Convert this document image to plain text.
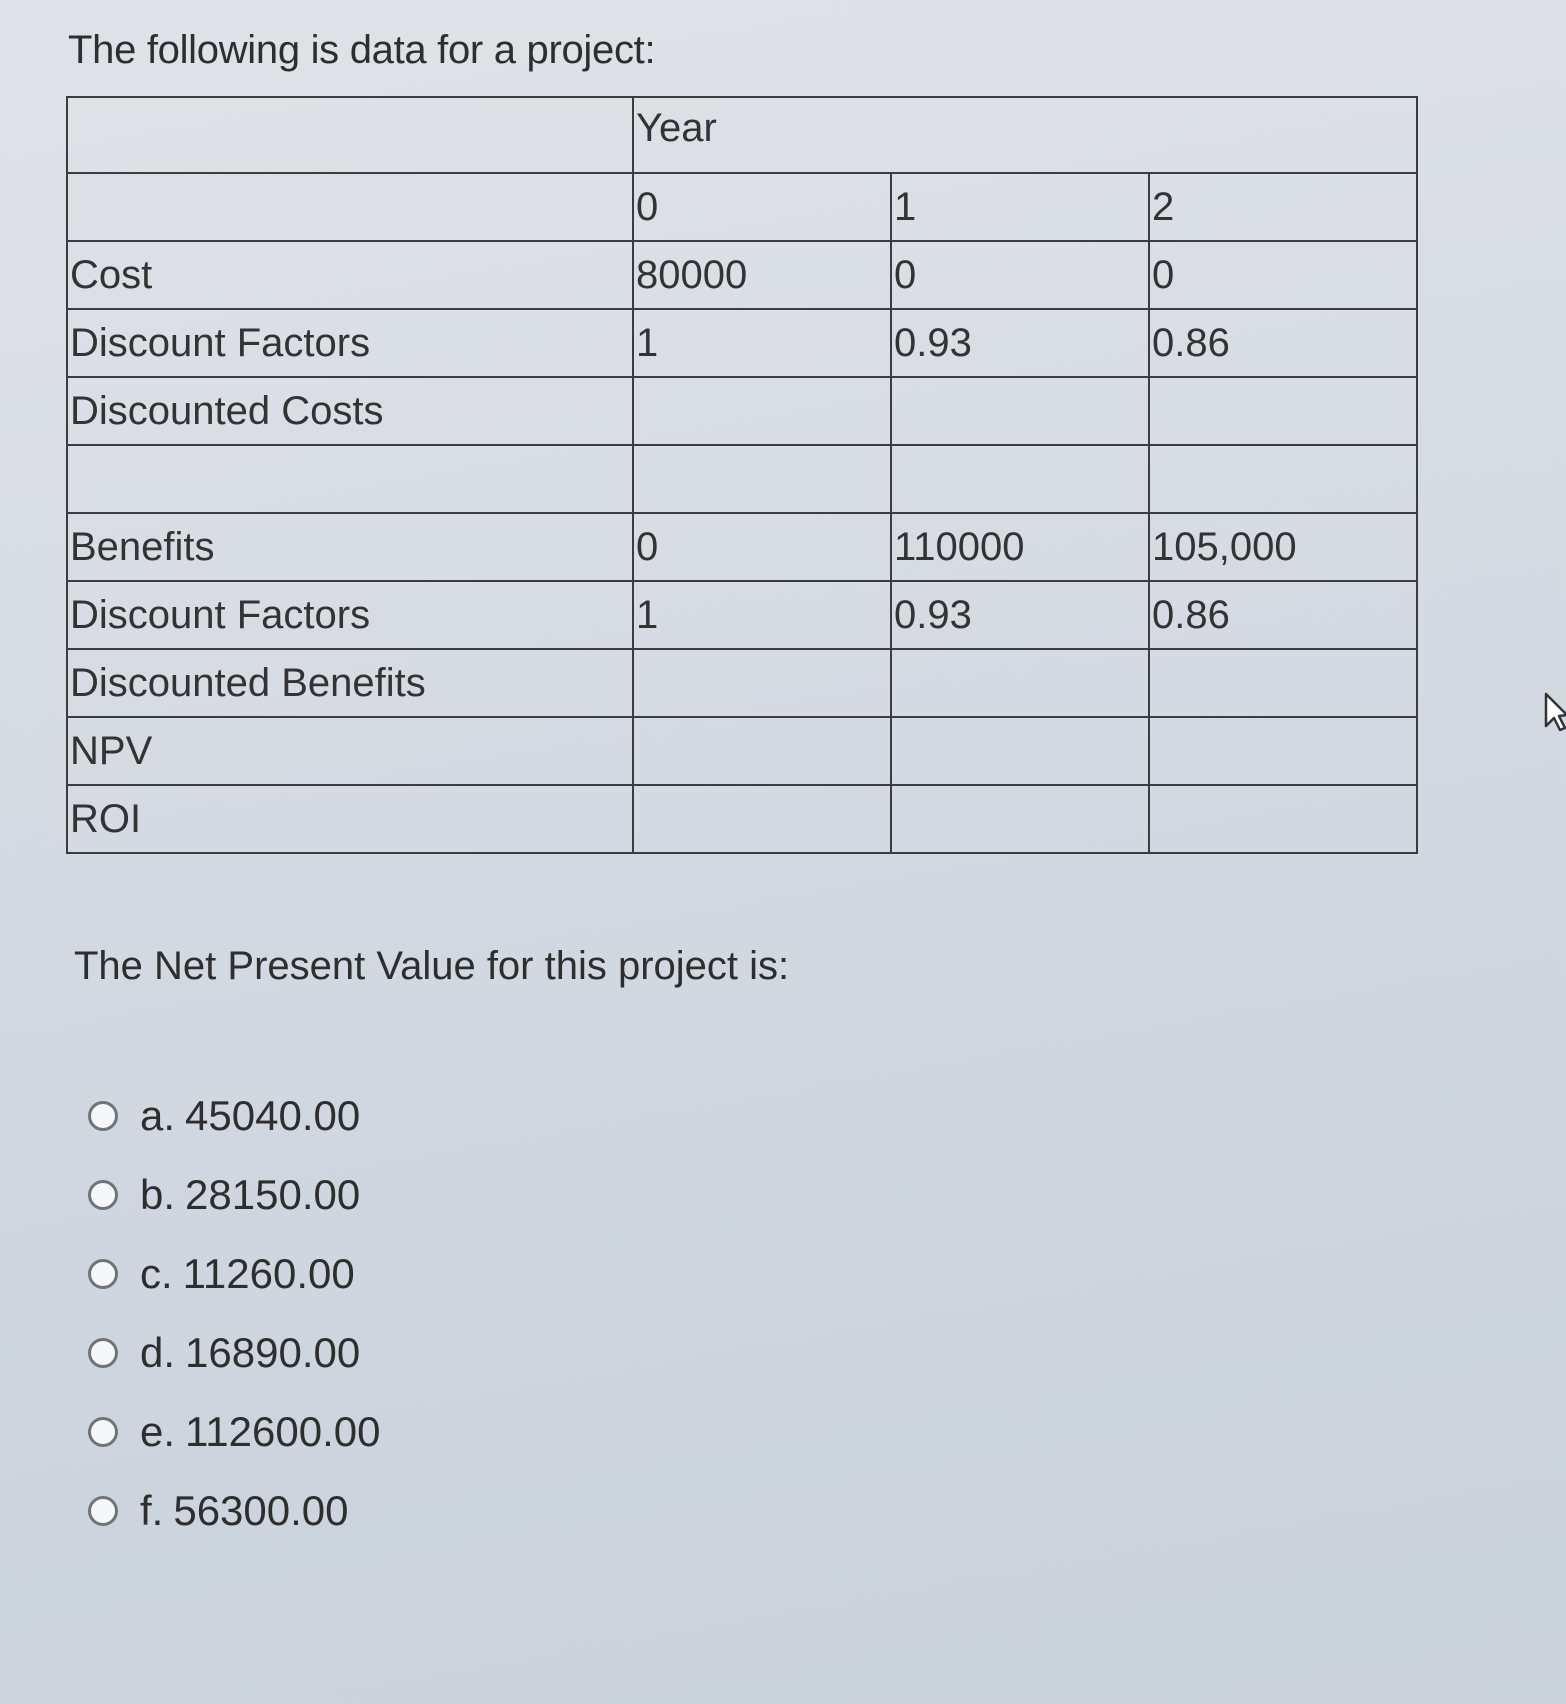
The following is data for a project:
	Year		
	0	1	2
Cost	80000	0	0
Discount Factors	1	0.93	0.86
Discounted Costs			

Benefits	0	110000	105,000
Discount Factors	1	0.93	0.86
Discounted Benefits			
NPV			
ROI			
The Net Present Value for this project is:
a. 45040.00
b. 28150.00
c. 11260.00
d. 16890.00
e. 112600.00
f. 56300.00
